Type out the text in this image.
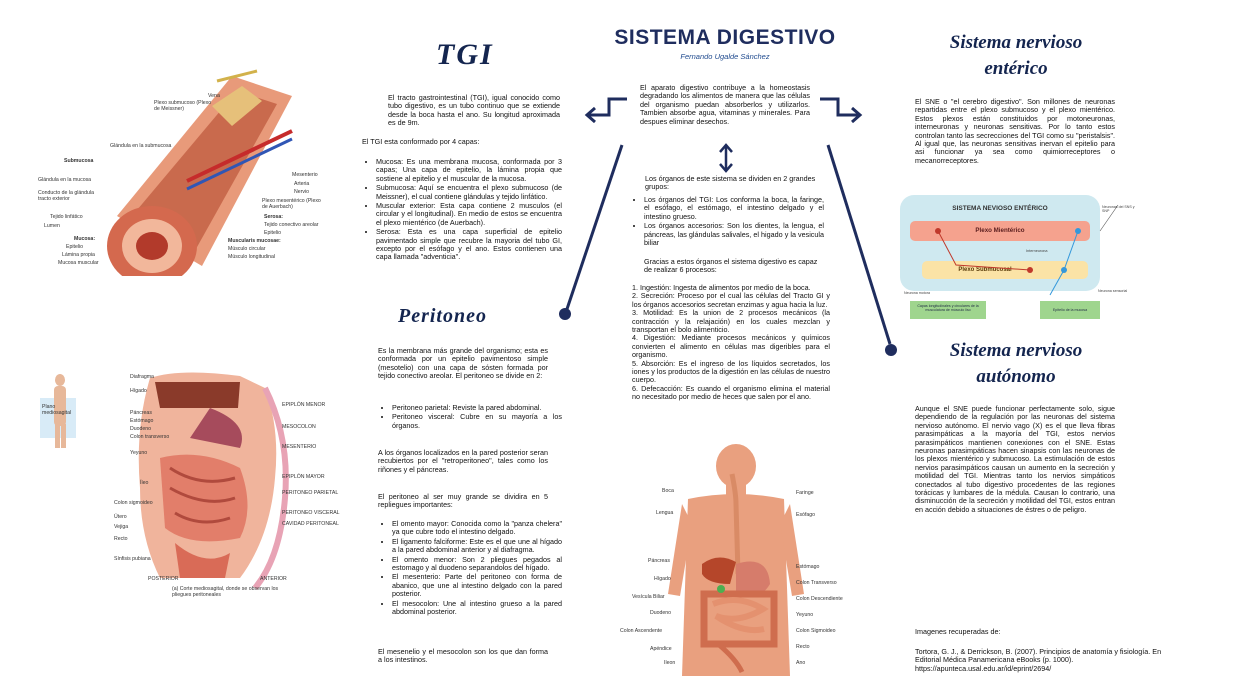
SISTEMA DIGESTIVO
Fernando Ugalde Sánchez
El aparato digestivo contribuye a la homeostasis degradando los alimentos de manera que las células del organismo puedan absorberlos y utilizarlos. Tambien absorbe agua, vitaminas y minerales. Para despues eliminar desechos.
TGI
El tracto gastrointestinal (TGI), igual conocido como tubo digestivo, es un tubo continuo que se extiende desde la boca hasta el ano. Su longitud aproximada es de 9m.
El TGI esta conformado por 4 capas:
• Mucosa: Es una membrana mucosa, conformada por 3 capas; Una capa de epitelio, la lámina propia que sostiene al epitelio y el muscular de la mucosa.
• Submucosa: Aquí se encuentra el plexo submucoso (de Meissner), el cual contiene glándulas y tejido linfático.
• Muscular exterior: Esta capa contiene 2 musculos (el circular y el longitudinal). En medio de estos se encuentra el plexo mientérico (de Auerbach).
• Serosa: Esta es una capa superficial de epitelio pavimentado simple que recubre la mayoria del tubo GI, excepto por el esófago y el ano. Estos contienen una capa llamada "adventicia".
Vena
Plexo submucoso (Plexo de Meissner)
Glándula en la submucosa
Submucosa
Glándula en la mucosa
Conducto de la glándula tracto exterior
Tejido linfático
Lumen
Mucosa:
Epitelio
Lámina propia
Mucosa muscular
Mesenterio
Arteria
Nervio
Plexo mesentérico (Plexo de Auerbach)
Serosa:
Tejido conectivo areolar
Epitelio
Muscularis mucosae:
Músculo circular
Músculo longitudinal
Peritoneo
Es la membrana más grande del organismo; esta es conformada por un epitelio pavimentoso simple (mesotelio) con una capa de sósten formada por tejido conectivo areolar. El peritoneo se divide en 2:
• Peritoneo parietal: Reviste la pared abdominal.
• Peritoneo visceral: Cubre en su mayoría a los órganos.
A los órganos localizados en la pared posterior seran recubiertos por el "retroperitoneo", tales como los riñones y el páncreas.
El peritoneo al ser muy grande se dividira en 5 repliegues importantes:
• El omento mayor: Conocida como la "panza chelera" ya que cubre todo el intestino delgado.
• El ligamento falciforme: Este es el que une al hígado a la pared abdominal anterior y al diafragma.
• El omento menor: Son 2 pliegues pegados al estomago y al duodeno separandolos del hígado.
• El mesenterio: Parte del peritoneo con forma de abanico, que une al intestino delgado con la pared posterior.
• El mesocolon: Une al intestino grueso a la pared abdominal posterior.
El mesenelio y el mesocolon son los que dan forma a los intestinos.
Plano mediosagital
Diafragma
Hígado
Páncreas
Estómago
Duodeno
Colon transverso
Yeyuno
Íleo
Colon sigmoideo
Útero
Vejiga
Recto
Sínfisis pubiana
EPIPLÓN MENOR
MESOCOLON
MESENTERIO
EPIPLÓN MAYOR
PERITONEO PARIETAL
PERITONEO VISCERAL
CAVIDAD PERITONEAL
POSTERIOR	ANTERIOR
(a) Corte mediosagital, donde se observan los pliegues peritoneales
Los órganos de este sistema se dividen en 2 grandes grupos:
• Los órganos del TGI: Los conforma la boca, la faringe, el esófago, el estómago, el intestino delgado y el intestino grueso.
• Los órganos accesorios: Son los dientes, la lengua, el páncreas, las glándulas salivales, el higado y la vesicula biliar
Gracias a estos órganos el sistema digestivo es capaz de realizar 6 procesos:
1. Ingestión: Ingesta de alimentos por medio de la boca.
2. Secreción: Proceso por el cual las células del Tracto GI y los órganos accesorios secretan enzimas y agua hacia la luz.
3. Motilidad: Es la union de 2 procesos mecánicos (la contracción y la relajación) en los cuales mezclan y transportan el bolo alimenticio.
4. Digestión: Mediante procesos mecánicos y químicos convierten el alimento en células mas digeribles para el organismo.
5. Absorción: Es el ingreso de los líquidos secretados, los iones y los productos de la digestión en las células de nuestro cuerpo.
6. Defecacción: Es cuando el organismo elimina el material no necesitado por medio de heces que salen por el ano.
Boca
Lengua
Páncreas
Hígado
Vesícula Biliar
Duodeno
Colon Ascendente
Apéndice
Ileon
Faringe
Esófago
Estómago
Colon Transverso
Colon Descendiente
Yeyuno
Colon Sigmoideo
Recto
Ano
Sistema nervioso
entérico
El SNE o "el cerebro digestivo". Son millones de neuronas repartidas entre el plexo submucoso y el plexo mientérico. Estos plexos están constituidos por motoneuronas, interneuronas y neuronas sensitivas. Por lo tanto estos controlan tanto las secrecciones del TGI como su "peristalsis". Al igual que, las neuronas sensitivas inervan el epitelio para asi funcionar ya sea como quimiorreceptores o mecanorreceptores.
SISTEMA NEVIOSO ENTÉRICO
Plexo Mientérico
Interneurona
Plexo Submucosal
Neurona motora	Neurona sensorial
Neuronas del SNS y SNP
Capas longitudinales y circulares de la musculatura de músculo liso	Epitelio de la mucosa
Sistema nervioso
autónomo
Aunque el SNE puede funcionar perfectamente solo, sigue dependiendo de la regulación por las neuronas del sistema nervioso autónomo. El nervio vago (X) es el que lleva fibras parasimpáticas a la mayoría del TGI, estos nervios parasimpáticos mantienen conexiones con el SNE. Estas neuronas parasimpáticas hacen sinapsis con las neuronas de los plexos mientérico y submucoso. La estimulación de estos nervios parasimpáticos causan un aumento en la secreción y motilidad del TGI. Mientras tanto los nervios simpáticos conectados al tubo digestivo procedentes de las regiones torácicas y lumbares de la médula. Causan lo contrario, una disminucción de la secreción y motilidad del TGI, estos entran en acción debido a situaciones de éstres o de peligro.
Imagenes recuperadas de:
Tortora, G. J., & Derrickson, B. (2007). Principios de anatomía y fisiología. En Editorial Médica Panamericana eBooks (p. 1000). https://apunteca.usal.edu.ar/id/eprint/2694/
